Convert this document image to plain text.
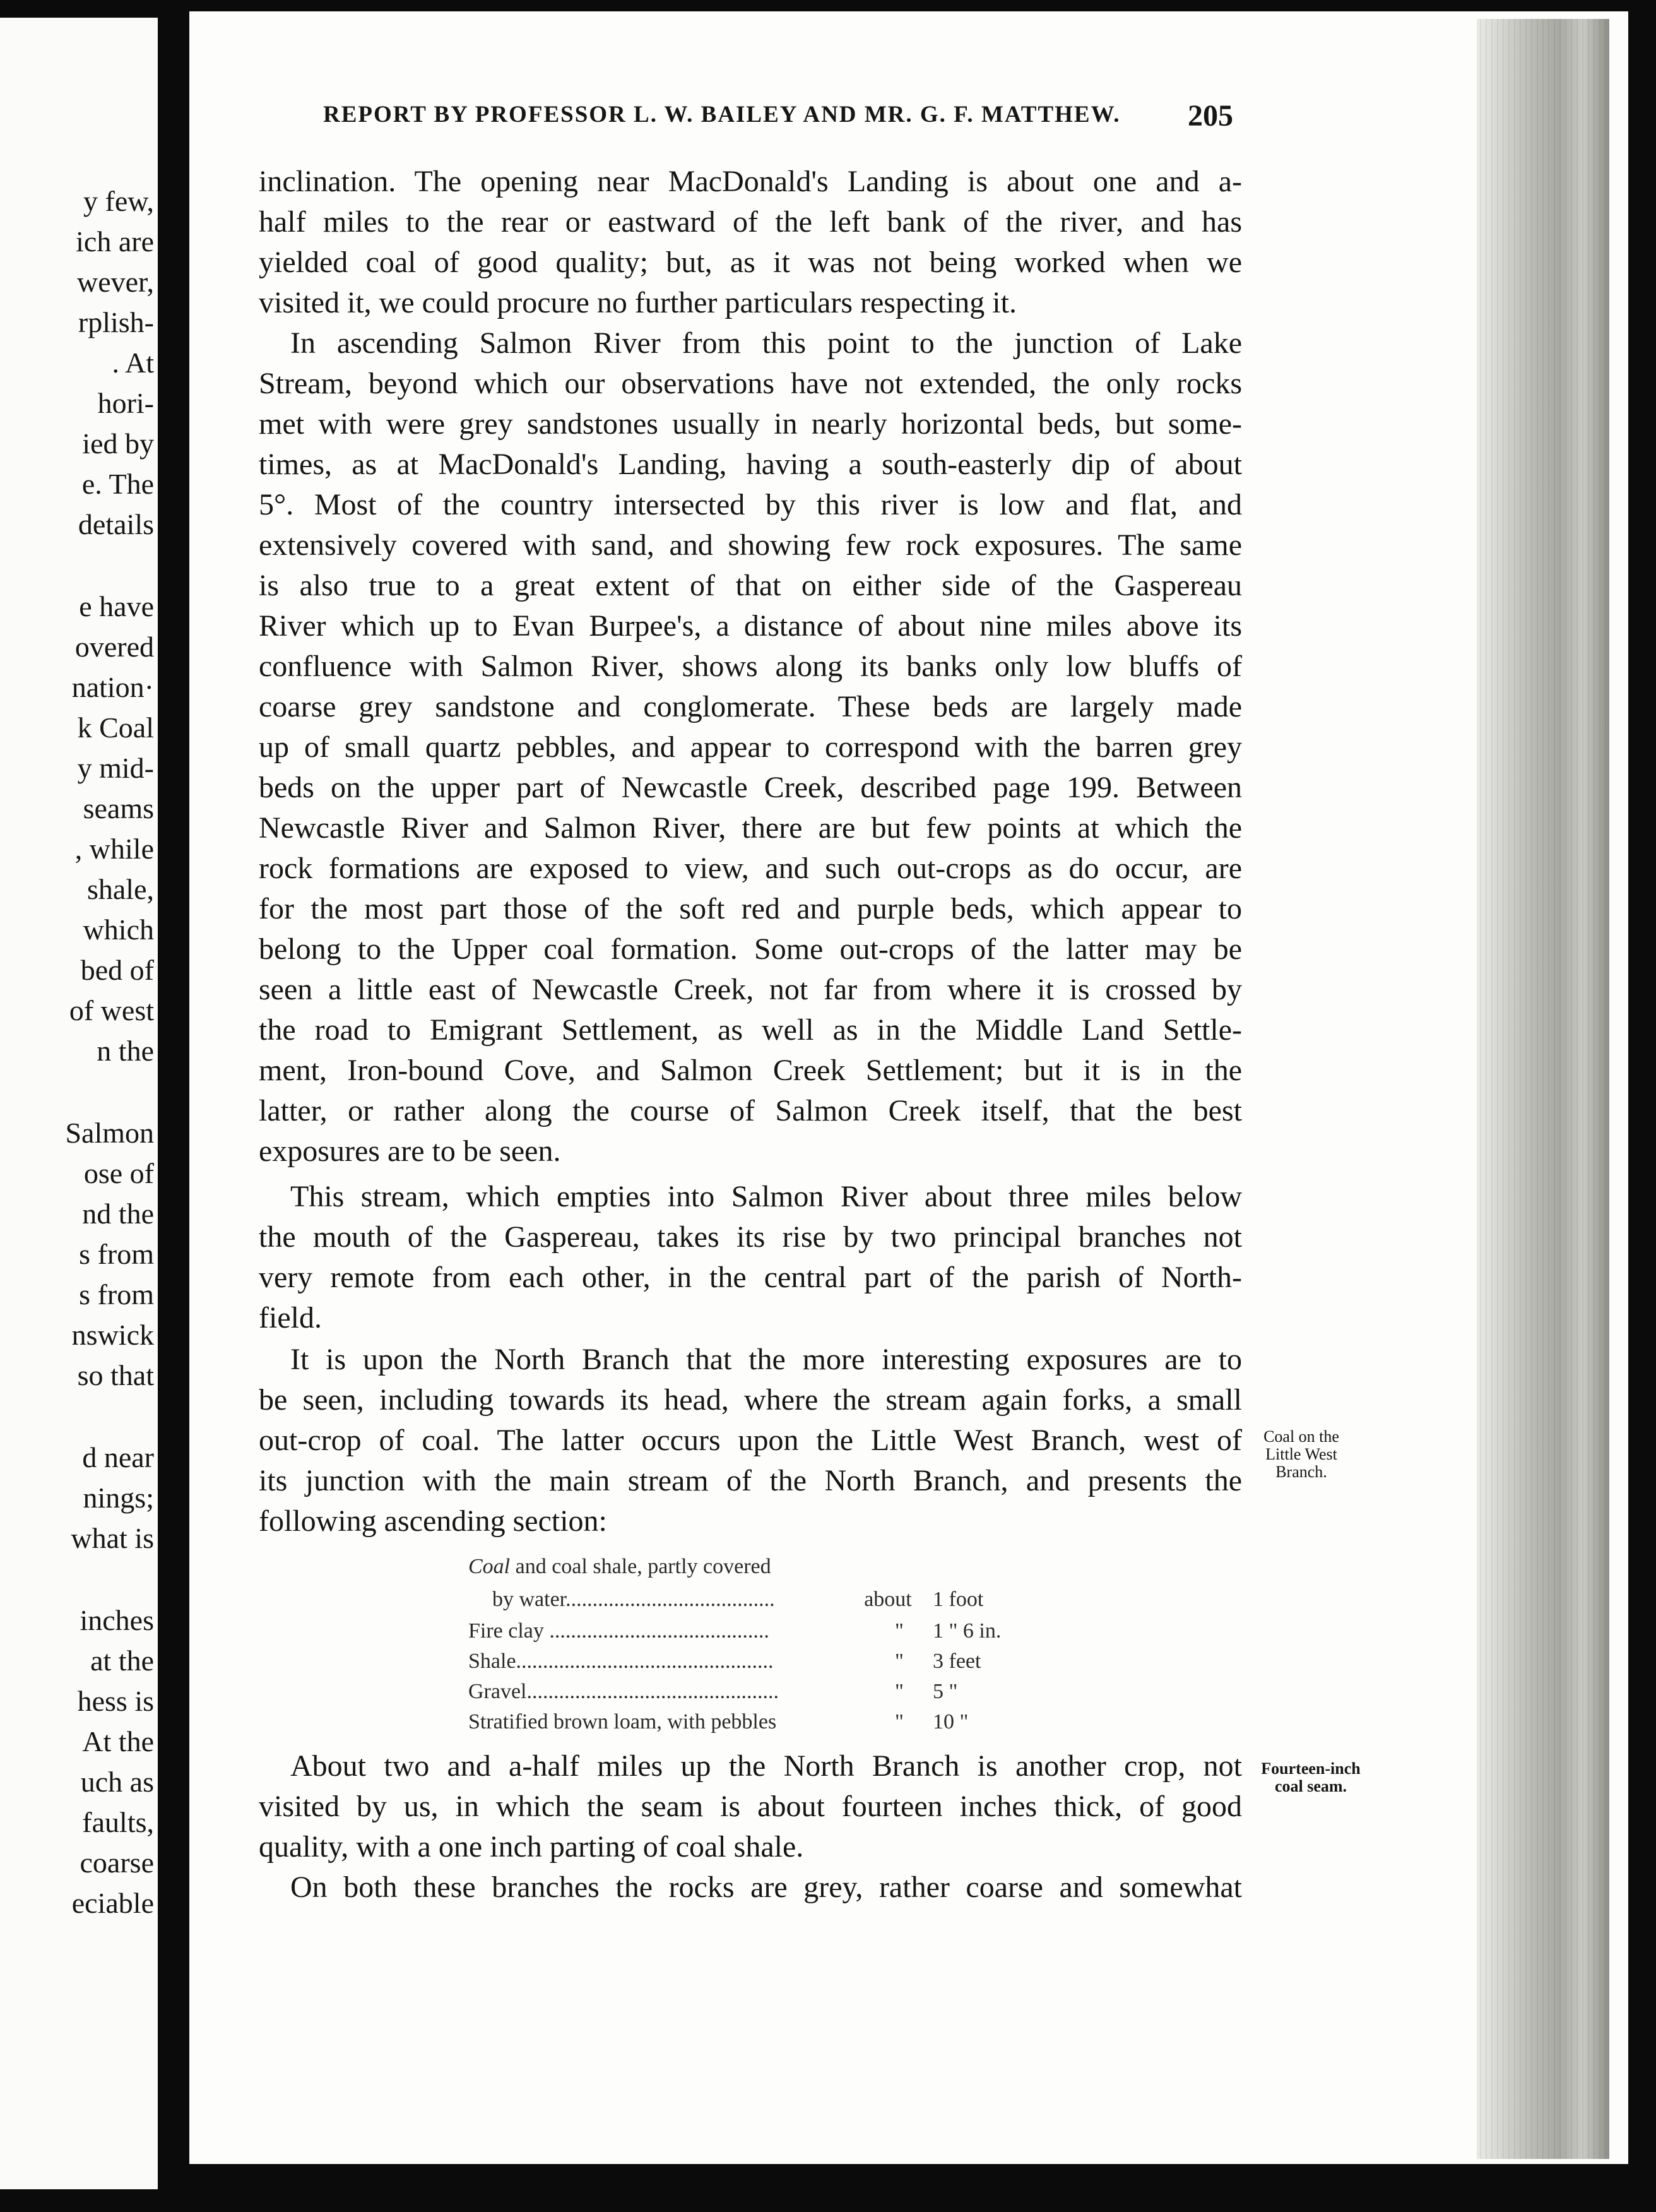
y few,
ich are
wever,
rplish-
. At
hori-
ied by
e. The
details
e have
overed
nation·
k Coal
y mid-
seams
, while
shale,
which
bed of
of west
n the
Salmon
ose of
nd the
s from
s from
nswick
so that
d near
nings;
what is
inches
at the
hess is
At the
uch as
faults,
coarse
eciable
REPORT BY PROFESSOR L. W. BAILEY AND MR. G. F. MATTHEW.	205
inclination. The opening near MacDonald's Landing is about one and a-
half miles to the rear or eastward of the left bank of the river, and has
yielded coal of good quality; but, as it was not being worked when we
visited it, we could procure no further particulars respecting it.
In ascending Salmon River from this point to the junction of Lake
Stream, beyond which our observations have not extended, the only rocks
met with were grey sandstones usually in nearly horizontal beds, but some-
times, as at MacDonald's Landing, having a south-easterly dip of about
5°. Most of the country intersected by this river is low and flat, and
extensively covered with sand, and showing few rock exposures. The same
is also true to a great extent of that on either side of the Gaspereau
River which up to Evan Burpee's, a distance of about nine miles above its
confluence with Salmon River, shows along its banks only low bluffs of
coarse grey sandstone and conglomerate. These beds are largely made
up of small quartz pebbles, and appear to correspond with the barren grey
beds on the upper part of Newcastle Creek, described page 199. Between
Newcastle River and Salmon River, there are but few points at which the
rock formations are exposed to view, and such out-crops as do occur, are
for the most part those of the soft red and purple beds, which appear to
belong to the Upper coal formation. Some out-crops of the latter may be
seen a little east of Newcastle Creek, not far from where it is crossed by
the road to Emigrant Settlement, as well as in the Middle Land Settle-
ment, Iron-bound Cove, and Salmon Creek Settlement; but it is in the
latter, or rather along the course of Salmon Creek itself, that the best
exposures are to be seen.
This stream, which empties into Salmon River about three miles below
the mouth of the Gaspereau, takes its rise by two principal branches not
very remote from each other, in the central part of the parish of North-
field.
It is upon the North Branch that the more interesting exposures are to
be seen, including towards its head, where the stream again forks, a small
out-crop of coal. The latter occurs upon the Little West Branch, west of
its junction with the main stream of the North Branch, and presents the
following ascending section:
Coal on the
Little West
Branch.
Coal and coal shale, partly covered
by water.......................................	about 1 foot
Fire clay .........................................	"	1 " 6 in.
Shale................................................	"	3 feet
Gravel...............................................	"	5 "
Stratified brown loam, with pebbles	"	10 "
About two and a-half miles up the North Branch is another crop, not
visited by us, in which the seam is about fourteen inches thick, of good
quality, with a one inch parting of coal shale.
On both these branches the rocks are grey, rather coarse and somewhat
Fourteen-inch
coal seam.
